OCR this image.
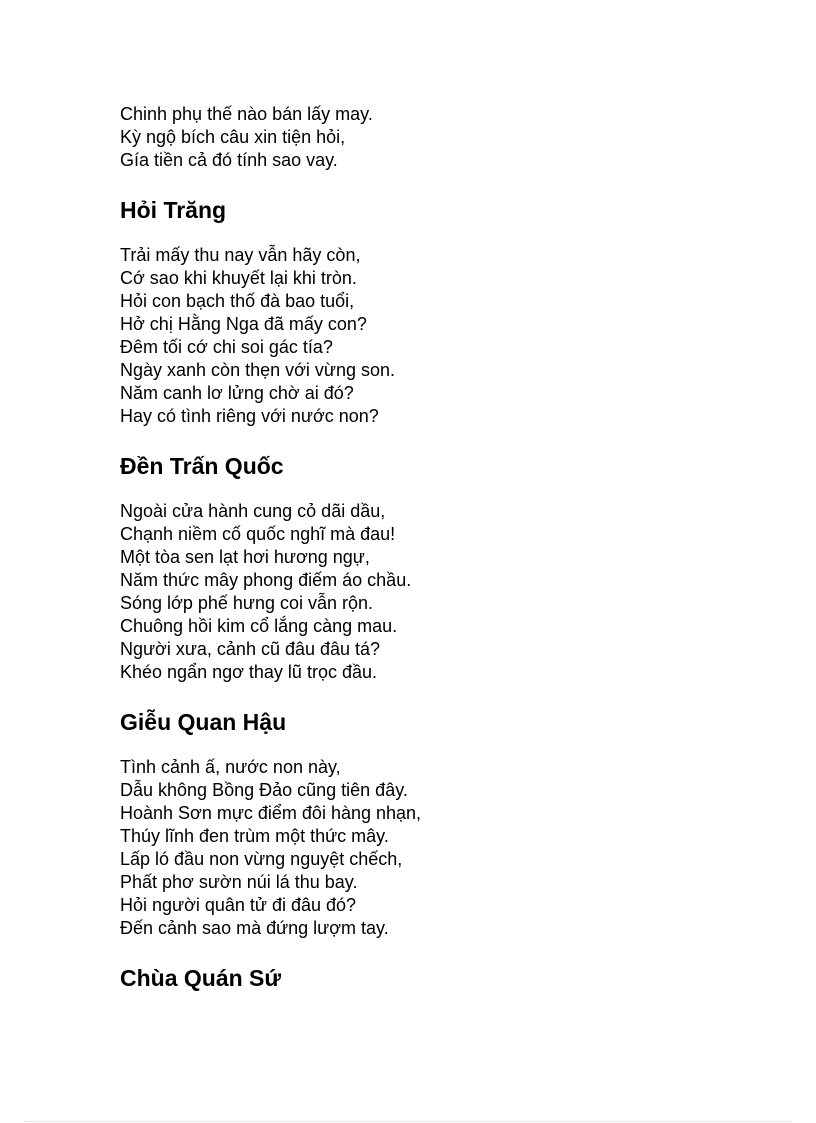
Chinh phụ thế nào bán lấy may.
Kỳ ngộ bích câu xin tiện hỏi,
Gía tiền cả đó tính sao vay.
Hỏi Trăng
Trải mấy thu nay vẫn hãy còn,
Cớ sao khi khuyết lại khi tròn.
Hỏi con bạch thố đà bao tuổi,
Hở chị Hằng Nga đã mấy con?
Đêm tối cớ chi soi gác tía?
Ngày xanh còn thẹn với vừng son.
Năm canh lơ lửng chờ ai đó?
Hay có tình riêng với nước non?
Đền Trấn Quốc
Ngoài cửa hành cung cỏ dãi dầu,
Chạnh niềm cố quốc nghĩ mà đau!
Một tòa sen lạt hơi hương ngự,
Năm thức mây phong điếm áo chầu.
Sóng lớp phế hưng coi vẫn rộn.
Chuông hồi kim cổ lắng càng mau.
Người xưa, cảnh cũ đâu đâu tá?
Khéo ngẩn ngơ thay lũ trọc đầu.
Giễu Quan Hậu
Tình cảnh ấ, nước non này,
Dẫu không Bồng Đảo cũng tiên đây.
Hoành Sơn mực điểm đôi hàng nhạn,
Thúy lĩnh đen trùm một thức mây.
Lấp ló đầu non vừng nguyệt chếch,
Phất phơ sườn núi lá thu bay.
Hỏi người quân tử đi đâu đó?
Đến cảnh sao mà đứng lượm tay.
Chùa Quán Sứ
